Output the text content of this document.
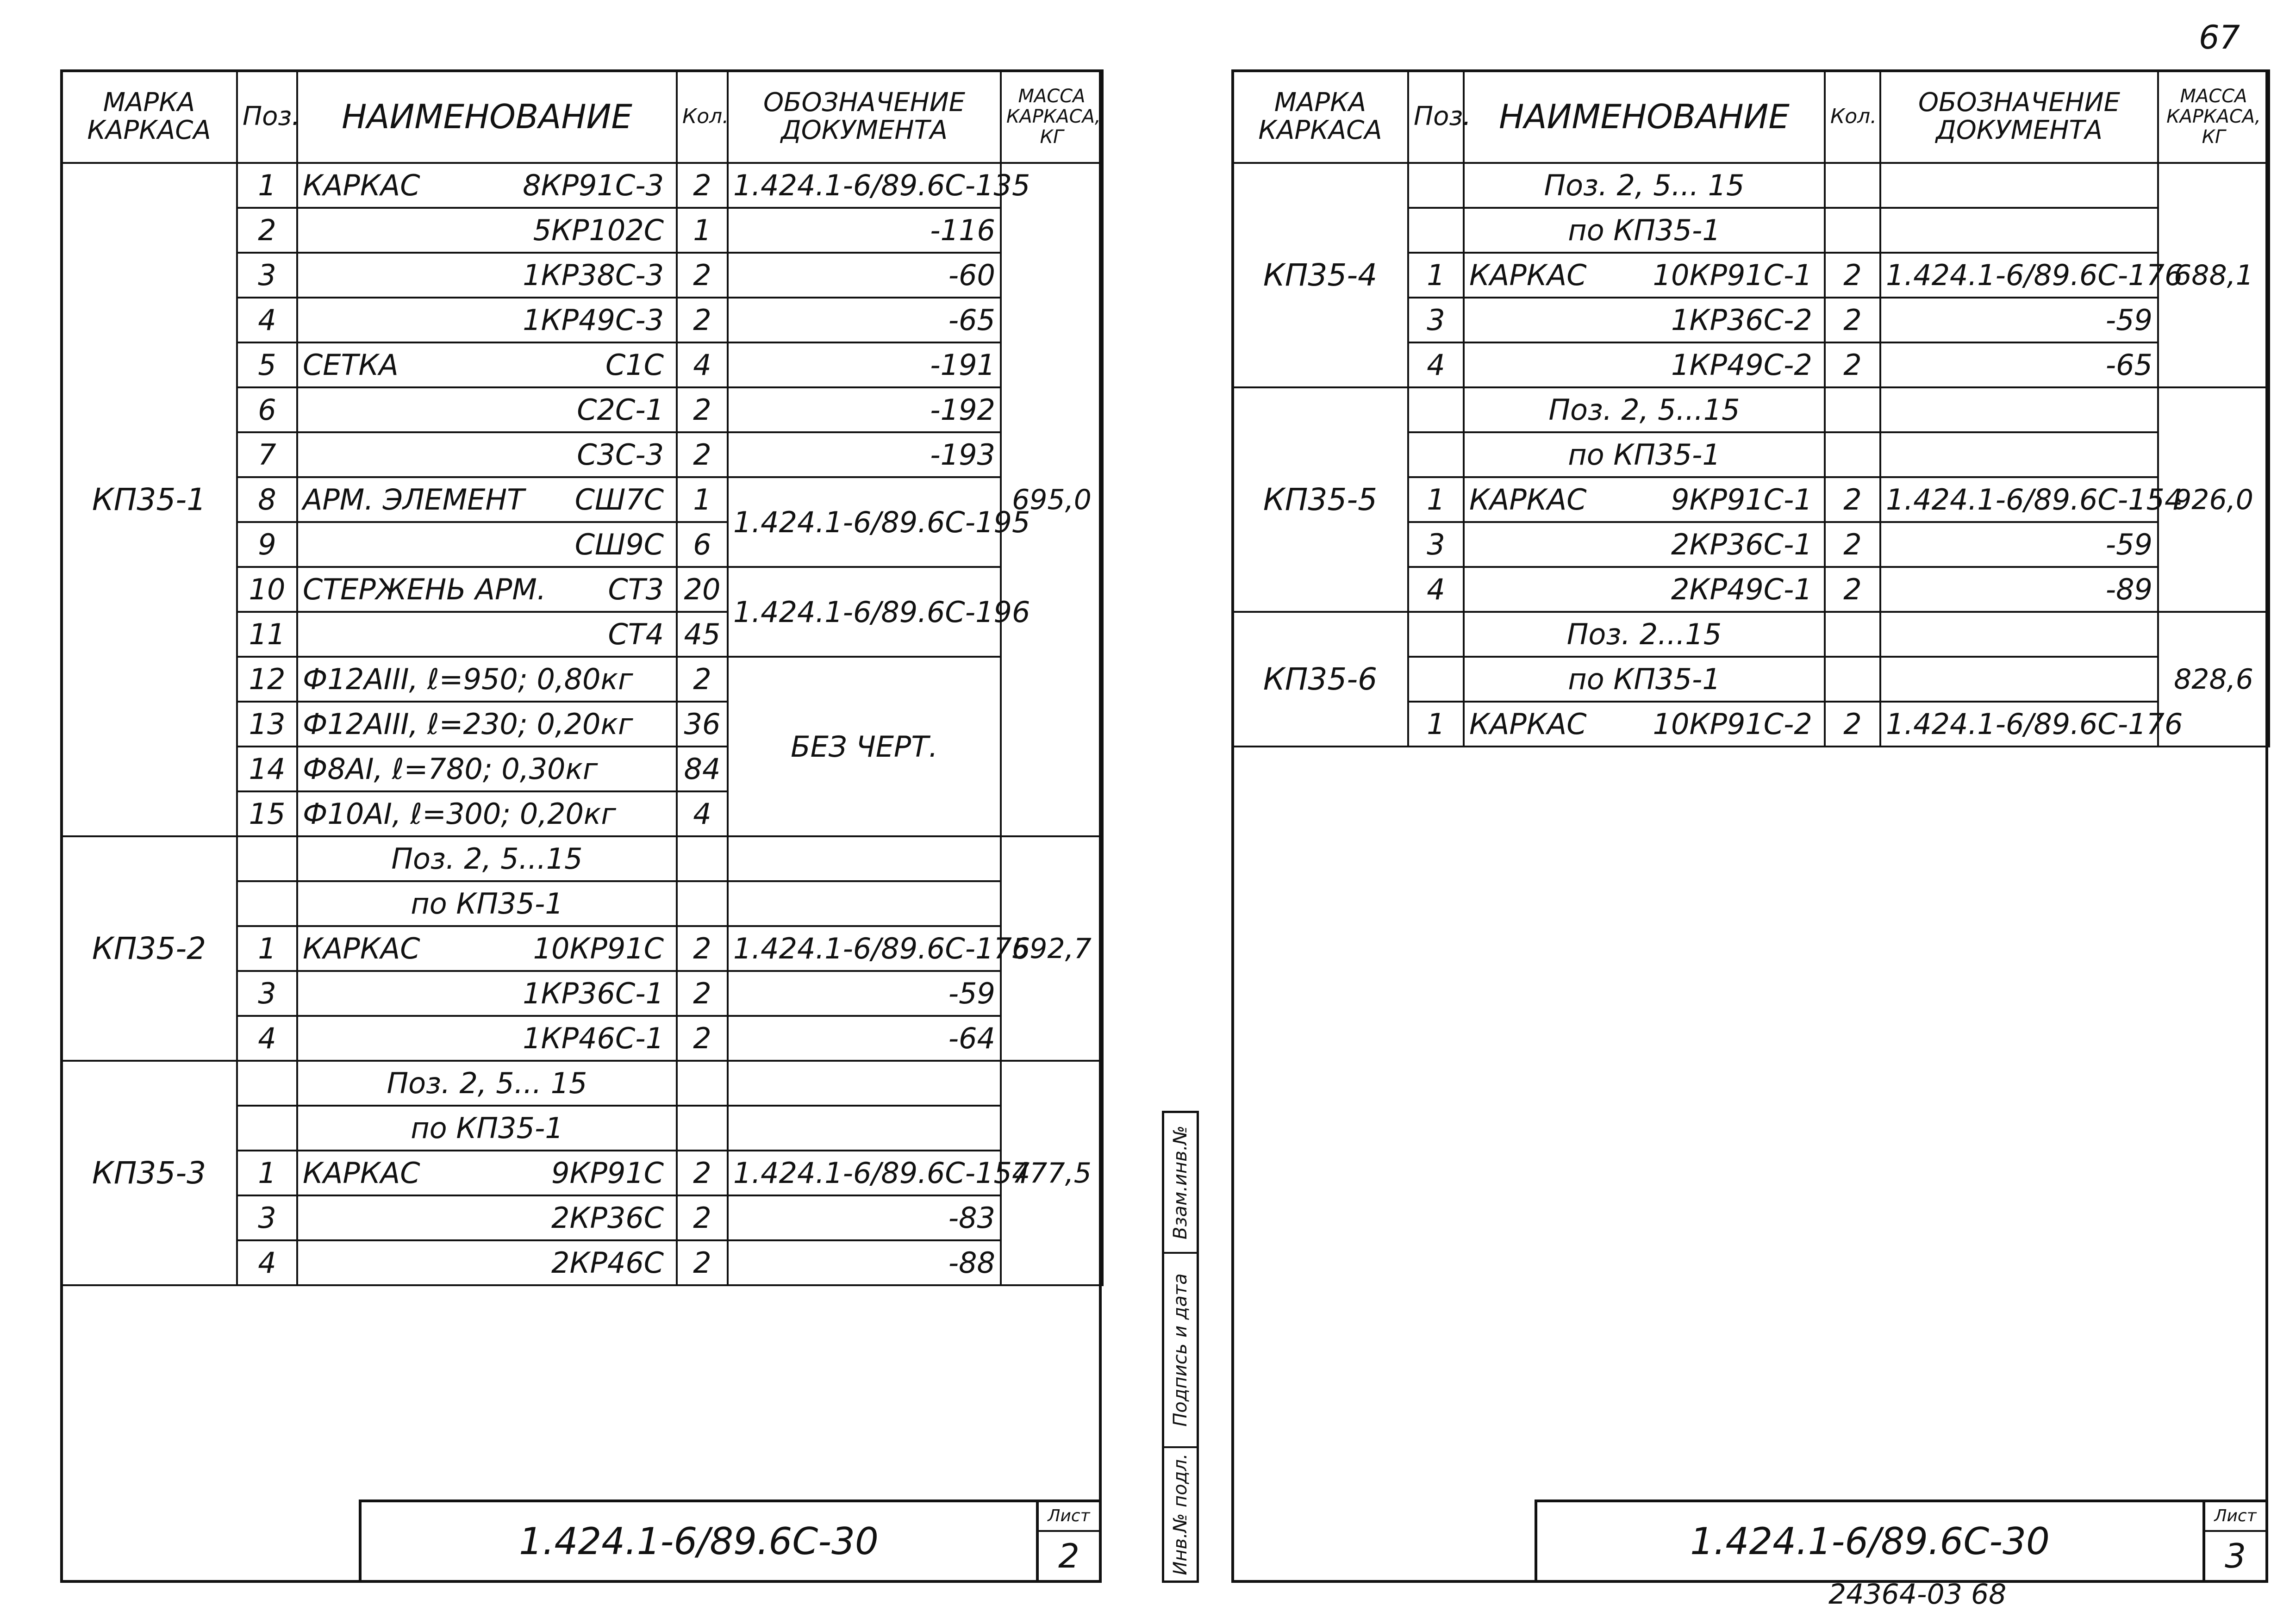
67
24364-03 68
МАРКА
КАРКАСА	Поз.	НАИМЕНОВАНИЕ	Кол.	ОБОЗНАЧЕНИЕ
ДОКУМЕНТА	МАССА
КАРКАСА,
КГ
КП35-1	1	КАРКАС 8КР91С-3	2	1.424.1-6/89.6С-135	695,0
	2	5КР102С	1	-116	
	3	1КР38С-3	2	-60	
	4	1КР49С-3	2	-65	
	5	СЕТКА С1С	4	-191	
	6	С2С-1	2	-192	
	7	С3С-3	2	-193	
	8	АРМ. ЭЛЕМЕНТ СШ7С	1	1.424.1-6/89.6С-195	
	9	СШ9С	6		
	10	СТЕРЖЕНЬ АРМ. СТ3	20	1.424.1-6/89.6С-196	
	11	СТ4	45		
	12	Ф12АIII, ℓ=950; 0,80кг	2	БЕЗ ЧЕРТ.	
	13	Ф12АIII, ℓ=230; 0,20кг	36		
	14	Ф8АI, ℓ=780; 0,30кг	84		
	15	Ф10АI, ℓ=300; 0,20кг	4		
КП35-2		Поз. 2, 5...15			592,7
		по КП35-1			
	1	КАРКАС 10КР91С	2	1.424.1-6/89.6С-176	
	3	1КР36С-1	2	-59	
	4	1КР46С-1	2	-64	
КП35-3		Поз. 2, 5... 15			777,5
		по КП35-1			
	1	КАРКАС 9КР91С	2	1.424.1-6/89.6С-154	
	3	2КР36С	2	-83	
	4	2КР46С	2	-88	
1.424.1-6/89.6С-30
Лист
2
Взам.инв.№
Подпись и дата
Инв.№ подл.
МАРКА
КАРКАСА	Поз.	НАИМЕНОВАНИЕ	Кол.	ОБОЗНАЧЕНИЕ
ДОКУМЕНТА	МАССА
КАРКАСА,
КГ
КП35-4		Поз. 2, 5... 15			688,1
		по КП35-1			
	1	КАРКАС 10КР91С-1	2	1.424.1-6/89.6С-176	
	3	1КР36С-2	2	-59	
	4	1КР49С-2	2	-65	
КП35-5		Поз. 2, 5...15			926,0
		по КП35-1			
	1	КАРКАС 9КР91С-1	2	1.424.1-6/89.6С-154	
	3	2КР36С-1	2	-59	
	4	2КР49С-1	2	-89	
КП35-6		Поз. 2...15			828,6
		по КП35-1			
	1	КАРКАС 10КР91С-2	2	1.424.1-6/89.6С-176	
1.424.1-6/89.6С-30
Лист
3
